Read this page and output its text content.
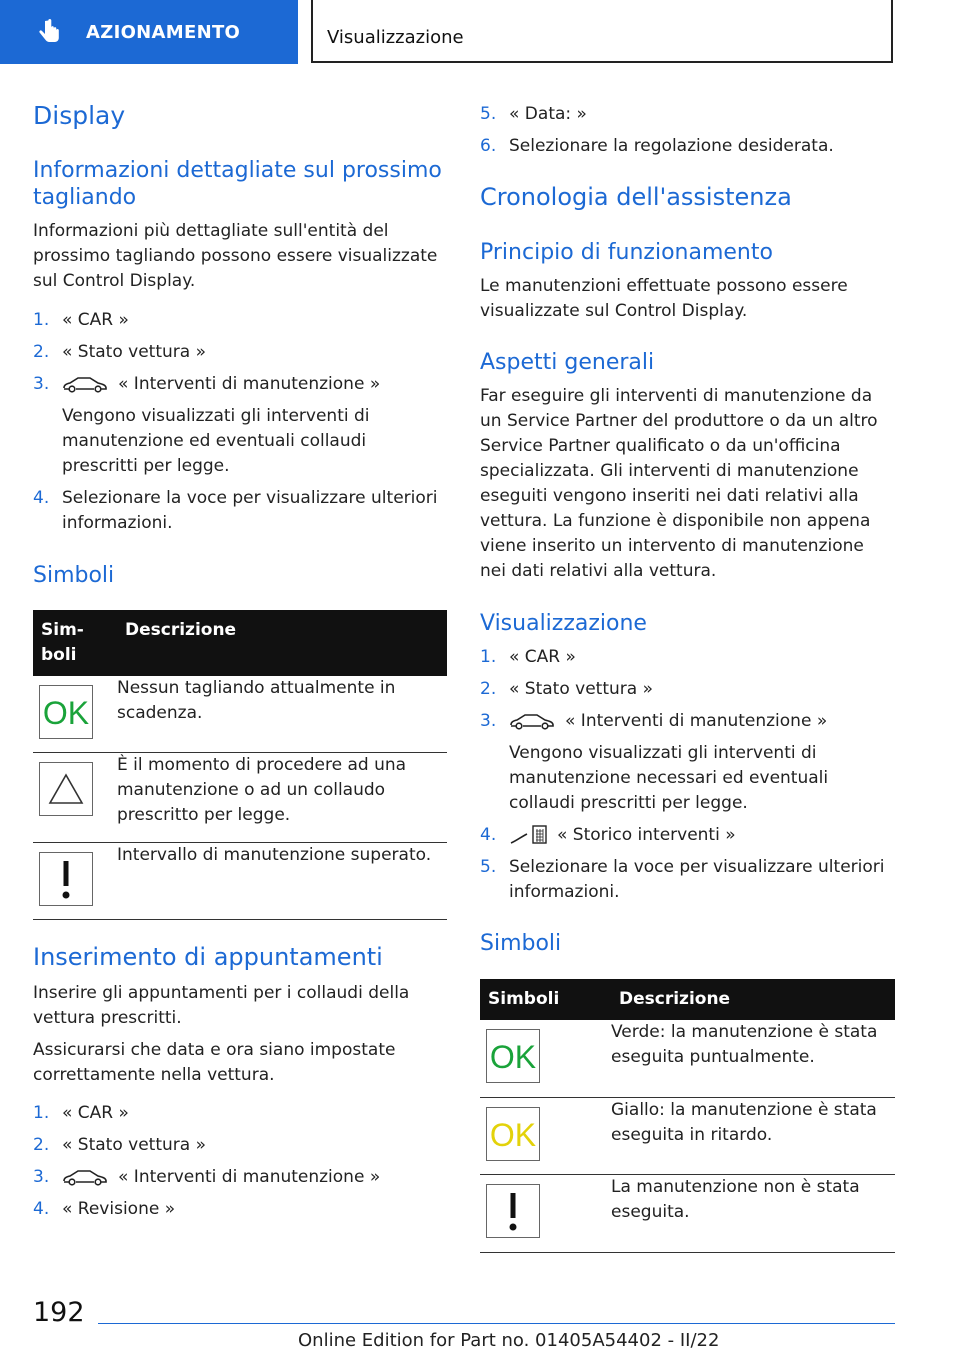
AZIONAMENTO	Visualizzazione
Display
Informazioni dettagliate sul prossimo tagliando
Informazioni più dettagliate sull'entità del prossimo tagliando possono essere visualizzate sul Control Display.
1. « CAR »
2. « Stato vettura »
3.	« Interventi di manutenzione »
Vengono visualizzati gli interventi di manutenzione ed eventuali collaudi prescritti per legge.
4. Selezionare la voce per visualizzare ulteriori informazioni.
Simboli
Sim-
boli	Descrizione

OK	Nessun tagliando attualmente in scadenza.

	È il momento di procedere ad una manutenzione o ad un collaudo prescritto per legge.

	Intervallo di manutenzione superato.
Inserimento di appuntamenti
Inserire gli appuntamenti per i collaudi della vettura prescritti.
Assicurarsi che data e ora siano impostate correttamente nella vettura.
1. « CAR »
2. « Stato vettura »
3.	« Interventi di manutenzione »
4. « Revisione »
5. « Data: »
6. Selezionare la regolazione desiderata.
Cronologia dell'assistenza
Principio di funzionamento
Le manutenzioni effettuate possono essere visualizzate sul Control Display.
Aspetti generali
Far eseguire gli interventi di manutenzione da un Service Partner del produttore o da un altro Service Partner qualificato o da un'officina specializzata. Gli interventi di manutenzione eseguiti vengono inseriti nei dati relativi alla vettura. La funzione è disponibile non appena viene inserito un intervento di manutenzione nei dati relativi alla vettura.
Visualizzazione
1. « CAR »
2. « Stato vettura »
3.	« Interventi di manutenzione »
Vengono visualizzati gli interventi di manutenzione necessari ed eventuali collaudi prescritti per legge.
4.	« Storico interventi »
5. Selezionare la voce per visualizzare ulteriori informazioni.
Simboli
Simboli	Descrizione

OK	Verde: la manutenzione è stata eseguita puntualmente.

OK	Giallo: la manutenzione è stata eseguita in ritardo.

	La manutenzione non è stata eseguita.
192
Online Edition for Part no. 01405A54402 - II/22
